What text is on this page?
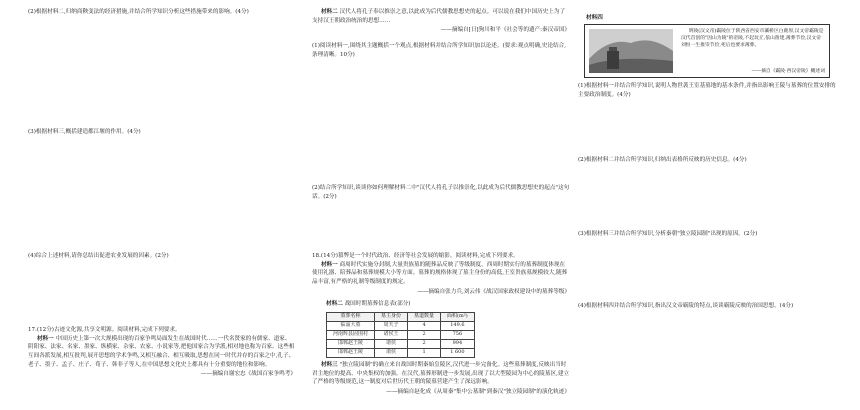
(2)根据材料二,归纳商鞅变法的经济措施,并结合所学知识分析这些措施带来的影响。(4分)
(3)根据材料三,概括建造都江堰的作用。(4分)
(4)综合上述材料,请你总结出促进农业发展的因素。(2分)
17.(12分)古迹文化源,共享文明源。阅读材料,完成下列要求。

材料一 中国历史上第一次大规模出现的百家争鸣局面发生在战国时代……一代名贤家的有儒家、道家、阴阳家、法家、名家、墨家、纵横家、杂家、农家、小说家等,把他国家合为学派,相对地也称为百家。这些相互间各派发展,相互批判,展开思想的学术争鸣,又相互融合、相互吸取,思想在同一时代并存的百家之中,孔子、老子、墨子、孟子、庄子、荀子、韩非子等人,在中国思想文化史上都具有十分重要的地位和影响。

——摘编自谢宏忠《战国百家争鸣考》

材料二 汉代人将孔子奉以推崇之意,以此成为后代儒教思想史的起点。可以说在我们中国历史上为了支持汉王朝政治统治的思想……

——摘编自[日]狗川和平《社会等的遗产:秦汉帝国》

(1)阅读材料一,围绕其主题概括一个观点,根据材料并结合所学知识加以论述。(要求:观点明确,史论结合,条理清晰。10分)
(2)结合所学知识,谈谈你如何理解材料二中"汉代人将孔子以推崇化,以此成为后代儒教思想史的起点"这句话。(2分)
18.(14分)篡弊是一个时代政治、经济等社会发展的缩影。阅读材料,完成下列要求。

材料一 商周时代实施分封制,大量贵族墓的随葬品反映了等级制度。西周时期实行的墓葬制度体现在使用礼器、陪葬品和墓葬规模大小等方面。墓葬的规格体现了墓主身份的高低,王室贵族墓规模较大,随葬品丰富,有严格的礼制等级制度的规定。

——摘编自张力兵,刘云伟《战汉国家政权建设中的墓葬等级》

材料二 战国时期墓葬信息表(部分)
墓葬名称	墓主身份	墓道数量	面积(m²)
临淄大墓	周天子	4	149.6
河南辉县固围村	诸侯王	2	756
邯郸赵王陵	诸侯	2	994
邯郸赵王陵	诸侯	1	1 600

材料三 "独立陵园制"的确立来自战国时期秦始皇陵区,汉代进一步完备化。这些墓葬制度,反映出当时君主地位的提高、中央集权的加强。在汉代,墓葬形制进一步发展,出现了以大型陵园为中心的陵墓区,建立了严格的等级规范,这一制度对后世历代王朝的陵墓营建产生了深远影响。

——摘编自赵化成《从周秦"集中公墓制"到秦汉"独立陵园制"的演化轨迹》

材料四
明陵(汉文帝)霸陵位于陕西省西安市灞桥区白鹿原,汉文帝霸陵是汉代首创的"因山为陵"的帝陵,不起坟丘,依山凿建,薄葬节俭,汉文帝刘恒一生推崇节俭,死后也要求薄葬。
——摘自《霸陵·西汉帝陵》概述词
(1)根据材料一并结合所学知识,说明人物世袭王室基墓地的基本条件,并指出影响王陵与墓葬的位置安排的主要政治制度。(4分)
(2)根据材料二并结合所学知识,归纳出表格所反映的历史信息。(4分)
(3)根据材料三并结合所学知识,分析秦朝"独立陵园制"出现的原因。(2分)
(4)根据材料四并结合所学知识,指出汉文帝霸陵的特点,谈谈霸陵反映的治国思想。(4分)
